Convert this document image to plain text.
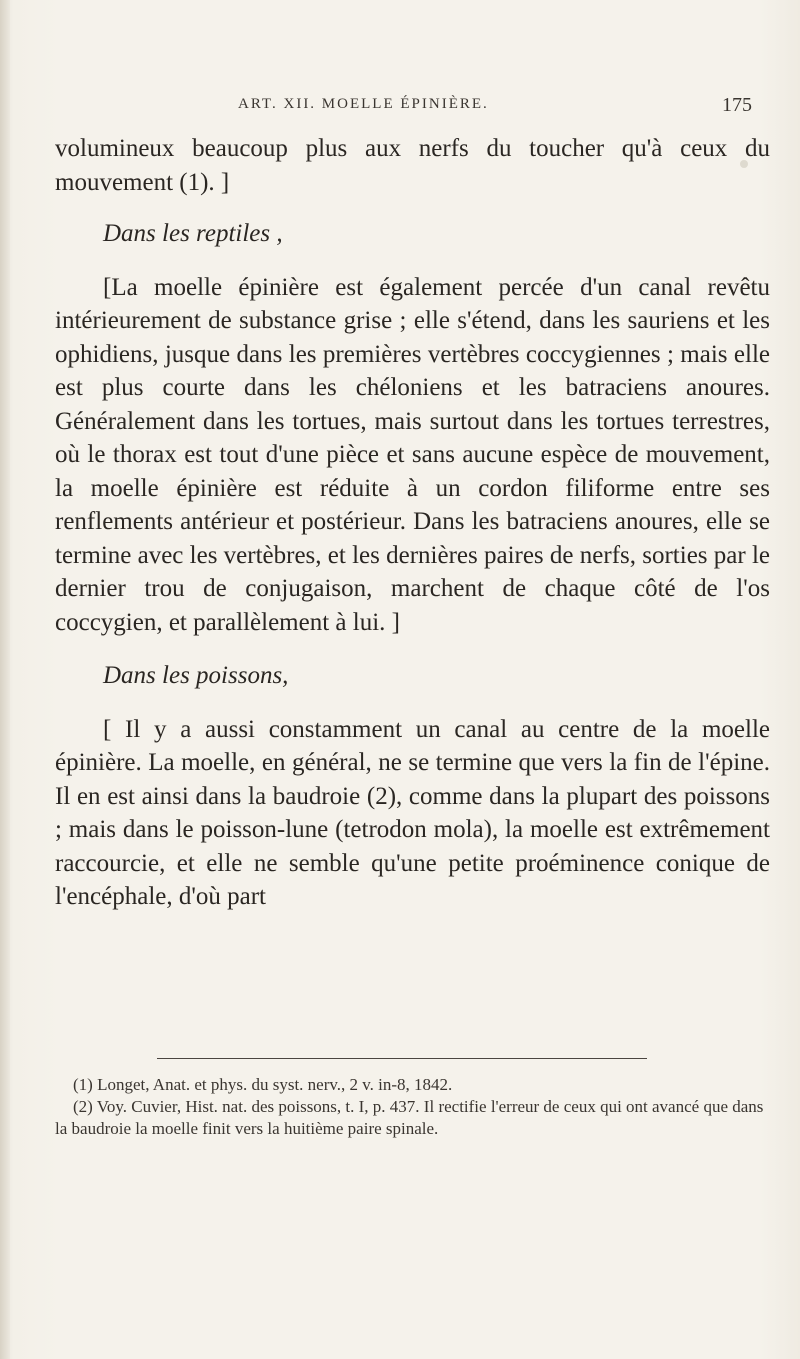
ART. XII. MOELLE ÉPINIÈRE.	175

volumineux beaucoup plus aux nerfs du toucher qu'à ceux du mouvement (1). ]

Dans les reptiles ,

[La moelle épinière est également percée d'un canal revêtu intérieurement de substance grise ; elle s'étend, dans les sauriens et les ophidiens, jusque dans les premières vertèbres coccygiennes ; mais elle est plus courte dans les chéloniens et les batraciens anoures. Généralement dans les tortues, mais surtout dans les tortues terrestres, où le thorax est tout d'une pièce et sans aucune espèce de mouvement, la moelle épinière est réduite à un cordon filiforme entre ses renflements antérieur et postérieur. Dans les batraciens anoures, elle se termine avec les vertèbres, et les dernières paires de nerfs, sorties par le dernier trou de conjugaison, marchent de chaque côté de l'os coccygien, et parallèlement à lui. ]

Dans les poissons,

[ Il y a aussi constamment un canal au centre de la moelle épinière. La moelle, en général, ne se termine que vers la fin de l'épine. Il en est ainsi dans la baudroie (2), comme dans la plupart des poissons ; mais dans le poisson-lune (tetrodon mola), la moelle est extrêmement raccourcie, et elle ne semble qu'une petite proéminence conique de l'encéphale, d'où part

(1) Longet, Anat. et phys. du syst. nerv., 2 v. in-8, 1842.

(2) Voy. Cuvier, Hist. nat. des poissons, t. I, p. 437. Il rectifie l'erreur de ceux qui ont avancé que dans la baudroie la moelle finit vers la huitième paire spinale.
